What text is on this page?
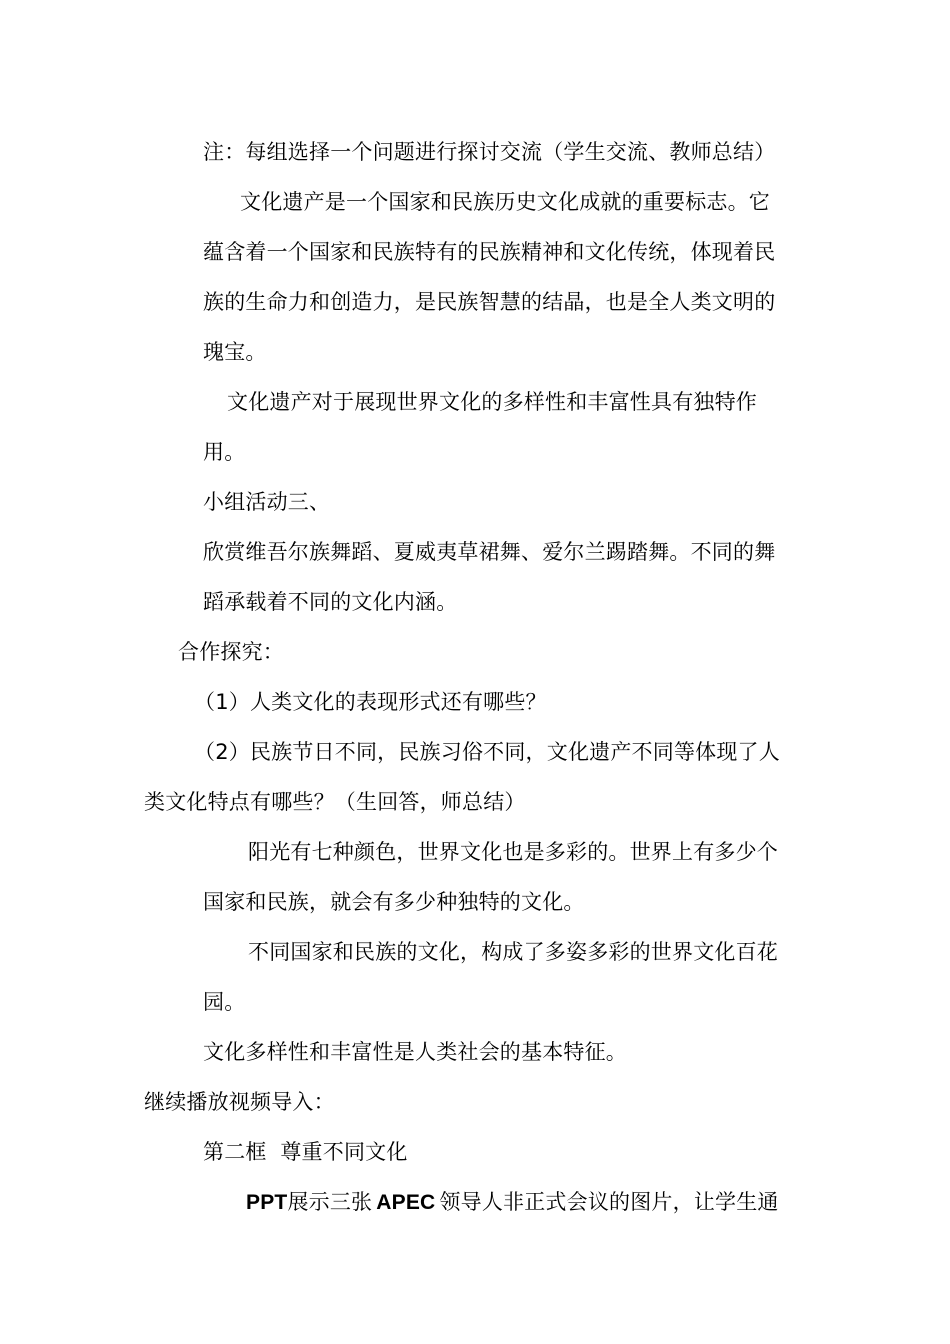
注：每组选择一个问题进行探讨交流（学生交流、教师总结）
文化遗产是一个国家和民族历史文化成就的重要标志。它
蕴含着一个国家和民族特有的民族精神和文化传统，体现着民
族的生命力和创造力，是民族智慧的结晶，也是全人类文明的
瑰宝。
文化遗产对于展现世界文化的多样性和丰富性具有独特作
用。
小组活动三、
欣赏维吾尔族舞蹈、夏威夷草裙舞、爱尔兰踢踏舞。不同的舞
蹈承载着不同的文化内涵。
合作探究：
（1）人类文化的表现形式还有哪些？
（2）民族节日不同，民族习俗不同，文化遗产不同等体现了人
类文化特点有哪些？（生回答，师总结）
阳光有七种颜色，世界文化也是多彩的。世界上有多少个
国家和民族，就会有多少种独特的文化。
不同国家和民族的文化，构成了多姿多彩的世界文化百花
园。
文化多样性和丰富性是人类社会的基本特征。
继续播放视频导入：
第二框  尊重不同文化
PPT展示三张 APEC 领导人非正式会议的图片，让学生通
